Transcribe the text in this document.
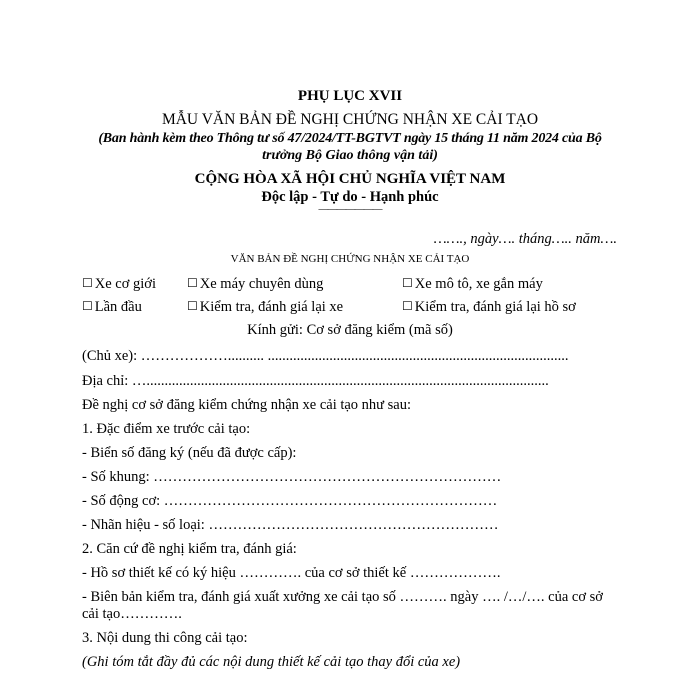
PHỤ LỤC XVII
MẪU VĂN BẢN ĐỀ NGHỊ CHỨNG NHẬN XE CẢI TẠO
(Ban hành kèm theo Thông tư số 47/2024/TT-BGTVT ngày 15 tháng 11 năm 2024 của Bộ
trưởng Bộ Giao thông vận tải)
CỘNG HÒA XÃ HỘI CHỦ NGHĨA VIỆT NAM
Độc lập - Tự do - Hạnh phúc
―――――――
……., ngày…. tháng….. năm….
VĂN BẢN ĐỀ NGHỊ CHỨNG NHẬN XE CẢI TẠO
☐ Xe cơ giới	☐ Xe máy chuyên dùng	☐ Xe mô tô, xe gắn máy
☐ Lần đầu	☐ Kiểm tra, đánh giá lại xe	☐ Kiểm tra, đánh giá lại hồ sơ
Kính gửi: Cơ sở đăng kiểm (mã số)
(Chủ xe): ……………….......... ...................................................................................
Địa chỉ: …...............................................................................................................
Đề nghị cơ sở đăng kiểm chứng nhận xe cải tạo như sau:
1. Đặc điểm xe trước cải tạo:
- Biển số đăng ký (nếu đã được cấp):
- Số khung: ………………………………………………………………
- Số động cơ: ……………………………………………………………
- Nhãn hiệu - số loại: ……………………………………………………
2. Căn cứ đề nghị kiểm tra, đánh giá:
- Hồ sơ thiết kế có ký hiệu …………. của cơ sở thiết kế ……………….
- Biên bản kiểm tra, đánh giá xuất xưởng xe cải tạo số ………. ngày …. /…/…. của cơ sở
cải tạo………….
3. Nội dung thi công cải tạo:
(Ghi tóm tắt đầy đủ các nội dung thiết kế cải tạo thay đổi của xe)
